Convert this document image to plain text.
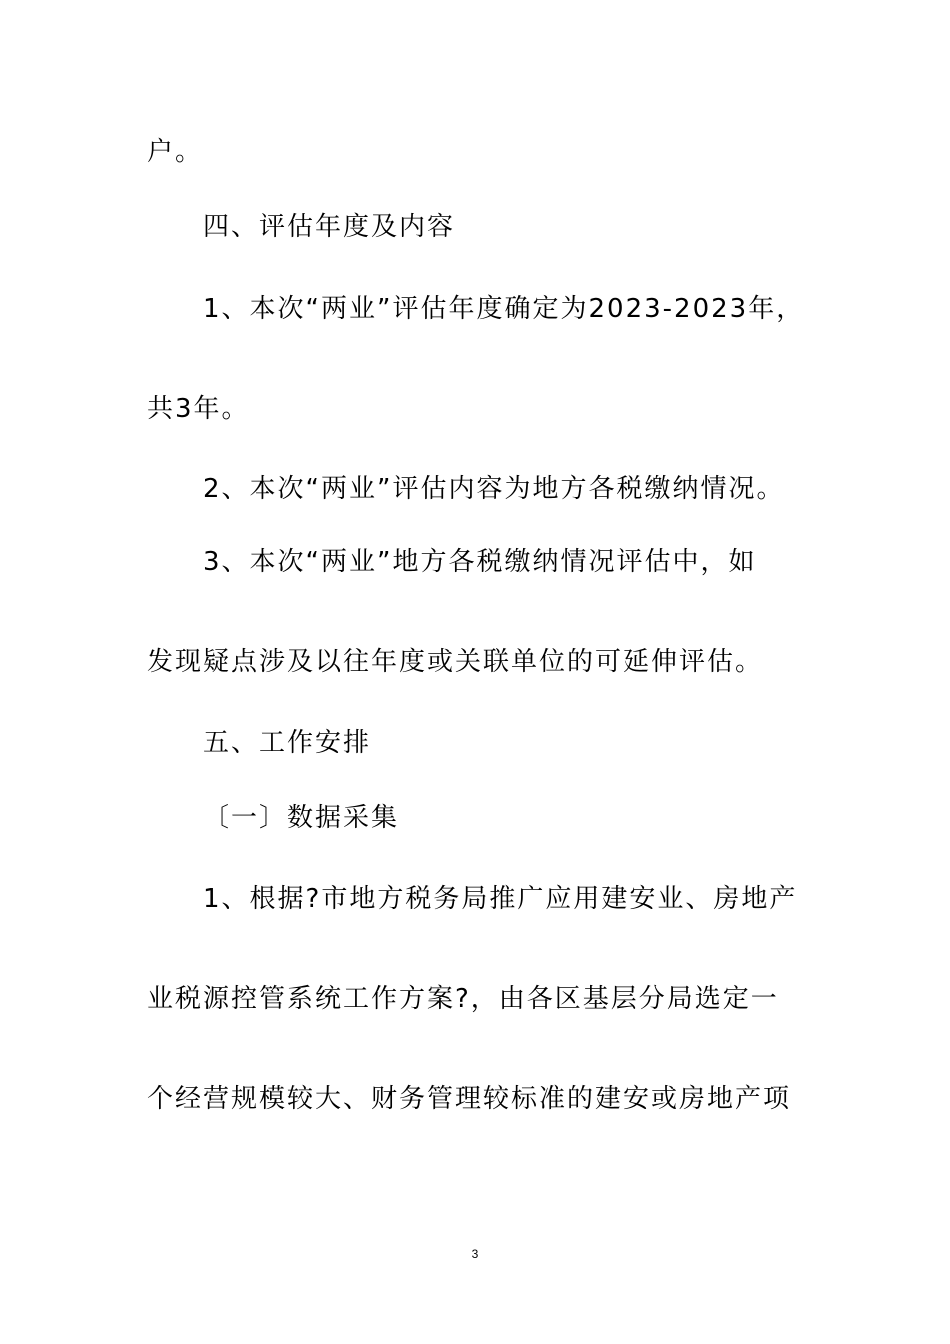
户。
四、评估年度及内容
1、本次“两业”评估年度确定为2023-2023年，
共3年。
2、本次“两业”评估内容为地方各税缴纳情况。
3、本次“两业”地方各税缴纳情况评估中，如
发现疑点涉及以往年度或关联单位的可延伸评估。
五、工作安排
〔一〕数据采集
1、根据?市地方税务局推广应用建安业、房地产
业税源控管系统工作方案?，由各区基层分局选定一
个经营规模较大、财务管理较标准的建安或房地产项
3
